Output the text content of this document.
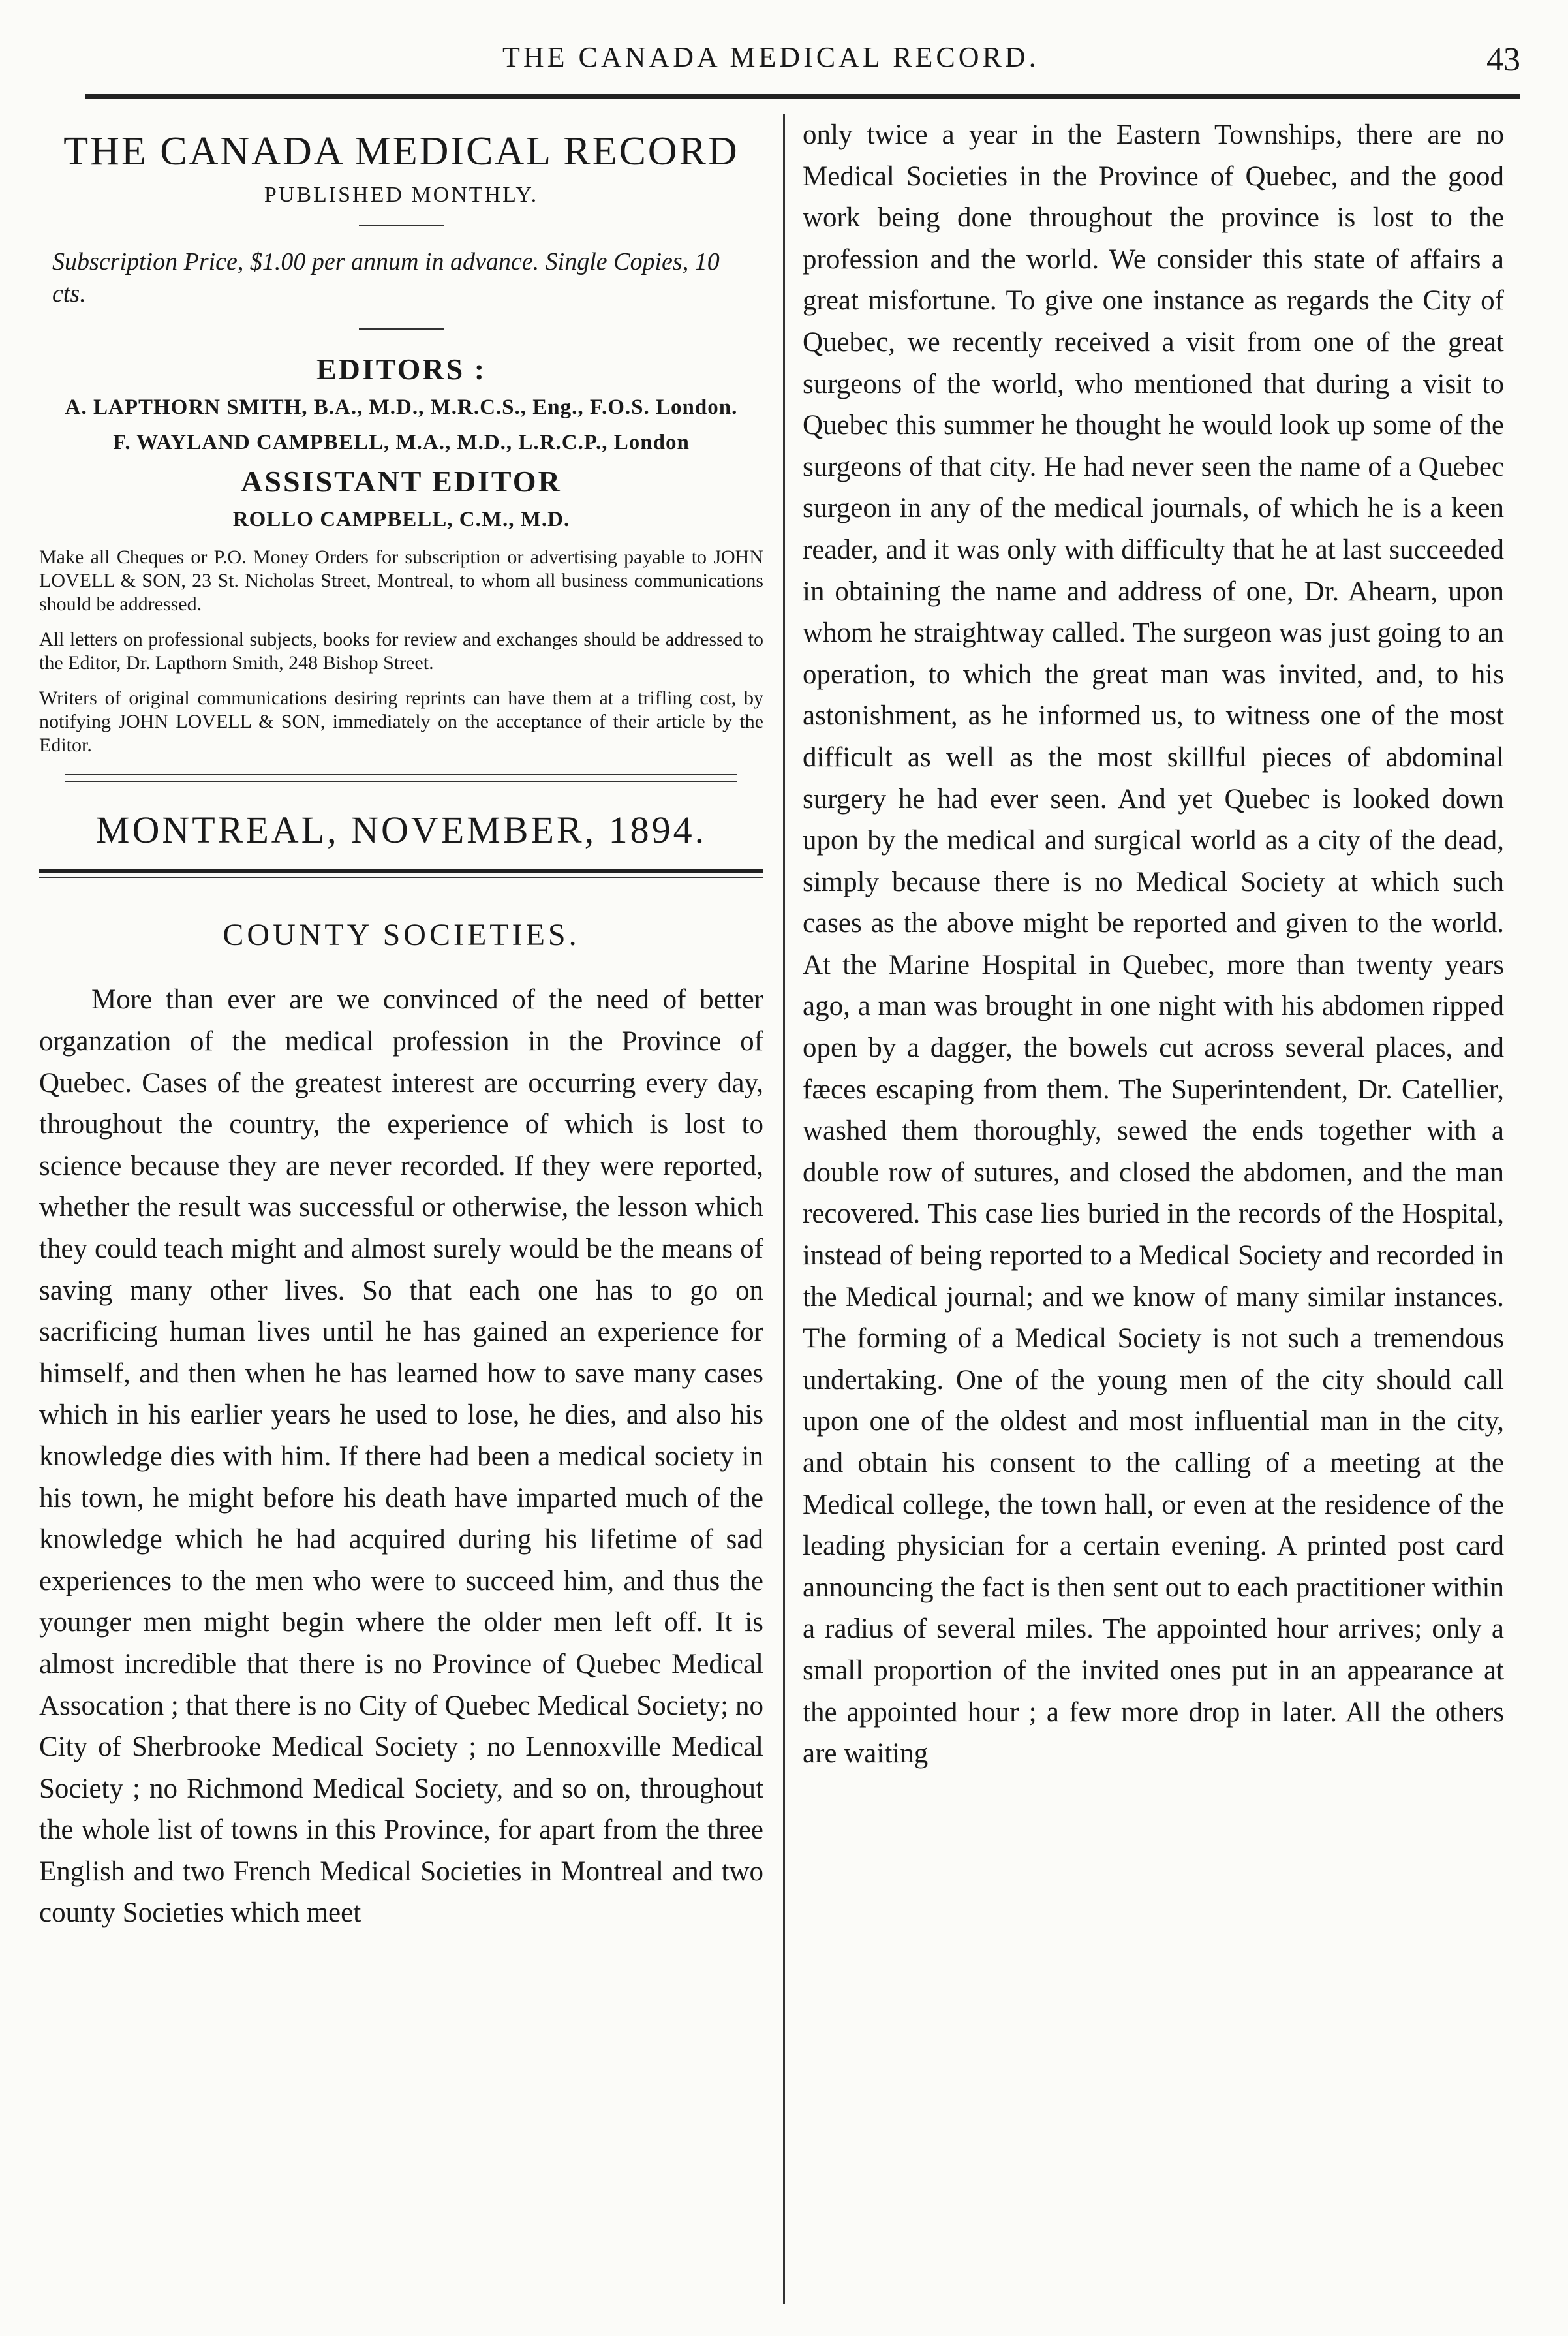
THE CANADA MEDICAL RECORD.	43
THE CANADA MEDICAL RECORD
PUBLISHED MONTHLY.
Subscription Price, $1.00 per annum in advance. Single Copies, 10 cts.
EDITORS :
A. LAPTHORN SMITH, B.A., M.D., M.R.C.S., Eng., F.O.S. London.
F. WAYLAND CAMPBELL, M.A., M.D., L.R.C.P., London
ASSISTANT EDITOR
ROLLO CAMPBELL, C.M., M.D.
Make all Cheques or P.O. Money Orders for subscription or advertising payable to JOHN LOVELL & SON, 23 St. Nicholas Street, Montreal, to whom all business communications should be addressed.
All letters on professional subjects, books for review and exchanges should be addressed to the Editor, Dr. Lapthorn Smith, 248 Bishop Street.
Writers of original communications desiring reprints can have them at a trifling cost, by notifying JOHN LOVELL & SON, immediately on the acceptance of their article by the Editor.
MONTREAL, NOVEMBER, 1894.
COUNTY SOCIETIES.

More than ever are we convinced of the need of better organzation of the medical profession in the Province of Quebec. Cases of the greatest interest are occurring every day, throughout the country, the experience of which is lost to science because they are never recorded. If they were reported, whether the result was successful or otherwise, the lesson which they could teach might and almost surely would be the means of saving many other lives. So that each one has to go on sacrificing human lives until he has gained an experience for himself, and then when he has learned how to save many cases which in his earlier years he used to lose, he dies, and also his knowledge dies with him. If there had been a medical society in his town, he might before his death have imparted much of the knowledge which he had acquired during his lifetime of sad experiences to the men who were to succeed him, and thus the younger men might begin where the older men left off. It is almost incredible that there is no Province of Quebec Medical Assocation ; that there is no City of Quebec Medical Society; no City of Sherbrooke Medical Society ; no Lennoxville Medical Society ; no Richmond Medical Society, and so on, throughout the whole list of towns in this Province, for apart from the three English and two French Medical Societies in Montreal and two county Societies which meet

only twice a year in the Eastern Townships, there are no Medical Societies in the Province of Quebec, and the good work being done throughout the province is lost to the profession and the world. We consider this state of affairs a great misfortune. To give one instance as regards the City of Quebec, we recently received a visit from one of the great surgeons of the world, who mentioned that during a visit to Quebec this summer he thought he would look up some of the surgeons of that city. He had never seen the name of a Quebec surgeon in any of the medical journals, of which he is a keen reader, and it was only with difficulty that he at last succeeded in obtaining the name and address of one, Dr. Ahearn, upon whom he straightway called. The surgeon was just going to an operation, to which the great man was invited, and, to his astonishment, as he informed us, to witness one of the most difficult as well as the most skillful pieces of abdominal surgery he had ever seen. And yet Quebec is looked down upon by the medical and surgical world as a city of the dead, simply because there is no Medical Society at which such cases as the above might be reported and given to the world. At the Marine Hospital in Quebec, more than twenty years ago, a man was brought in one night with his abdomen ripped open by a dagger, the bowels cut across several places, and fæces escaping from them. The Superintendent, Dr. Catellier, washed them thoroughly, sewed the ends together with a double row of sutures, and closed the abdomen, and the man recovered. This case lies buried in the records of the Hospital, instead of being reported to a Medical Society and recorded in the Medical journal; and we know of many similar instances. The forming of a Medical Society is not such a tremendous undertaking. One of the young men of the city should call upon one of the oldest and most influential man in the city, and obtain his consent to the calling of a meeting at the Medical college, the town hall, or even at the residence of the leading physician for a certain evening. A printed post card announcing the fact is then sent out to each practitioner within a radius of several miles. The appointed hour arrives; only a small proportion of the invited ones put in an appearance at the appointed hour ; a few more drop in later. All the others are waiting
